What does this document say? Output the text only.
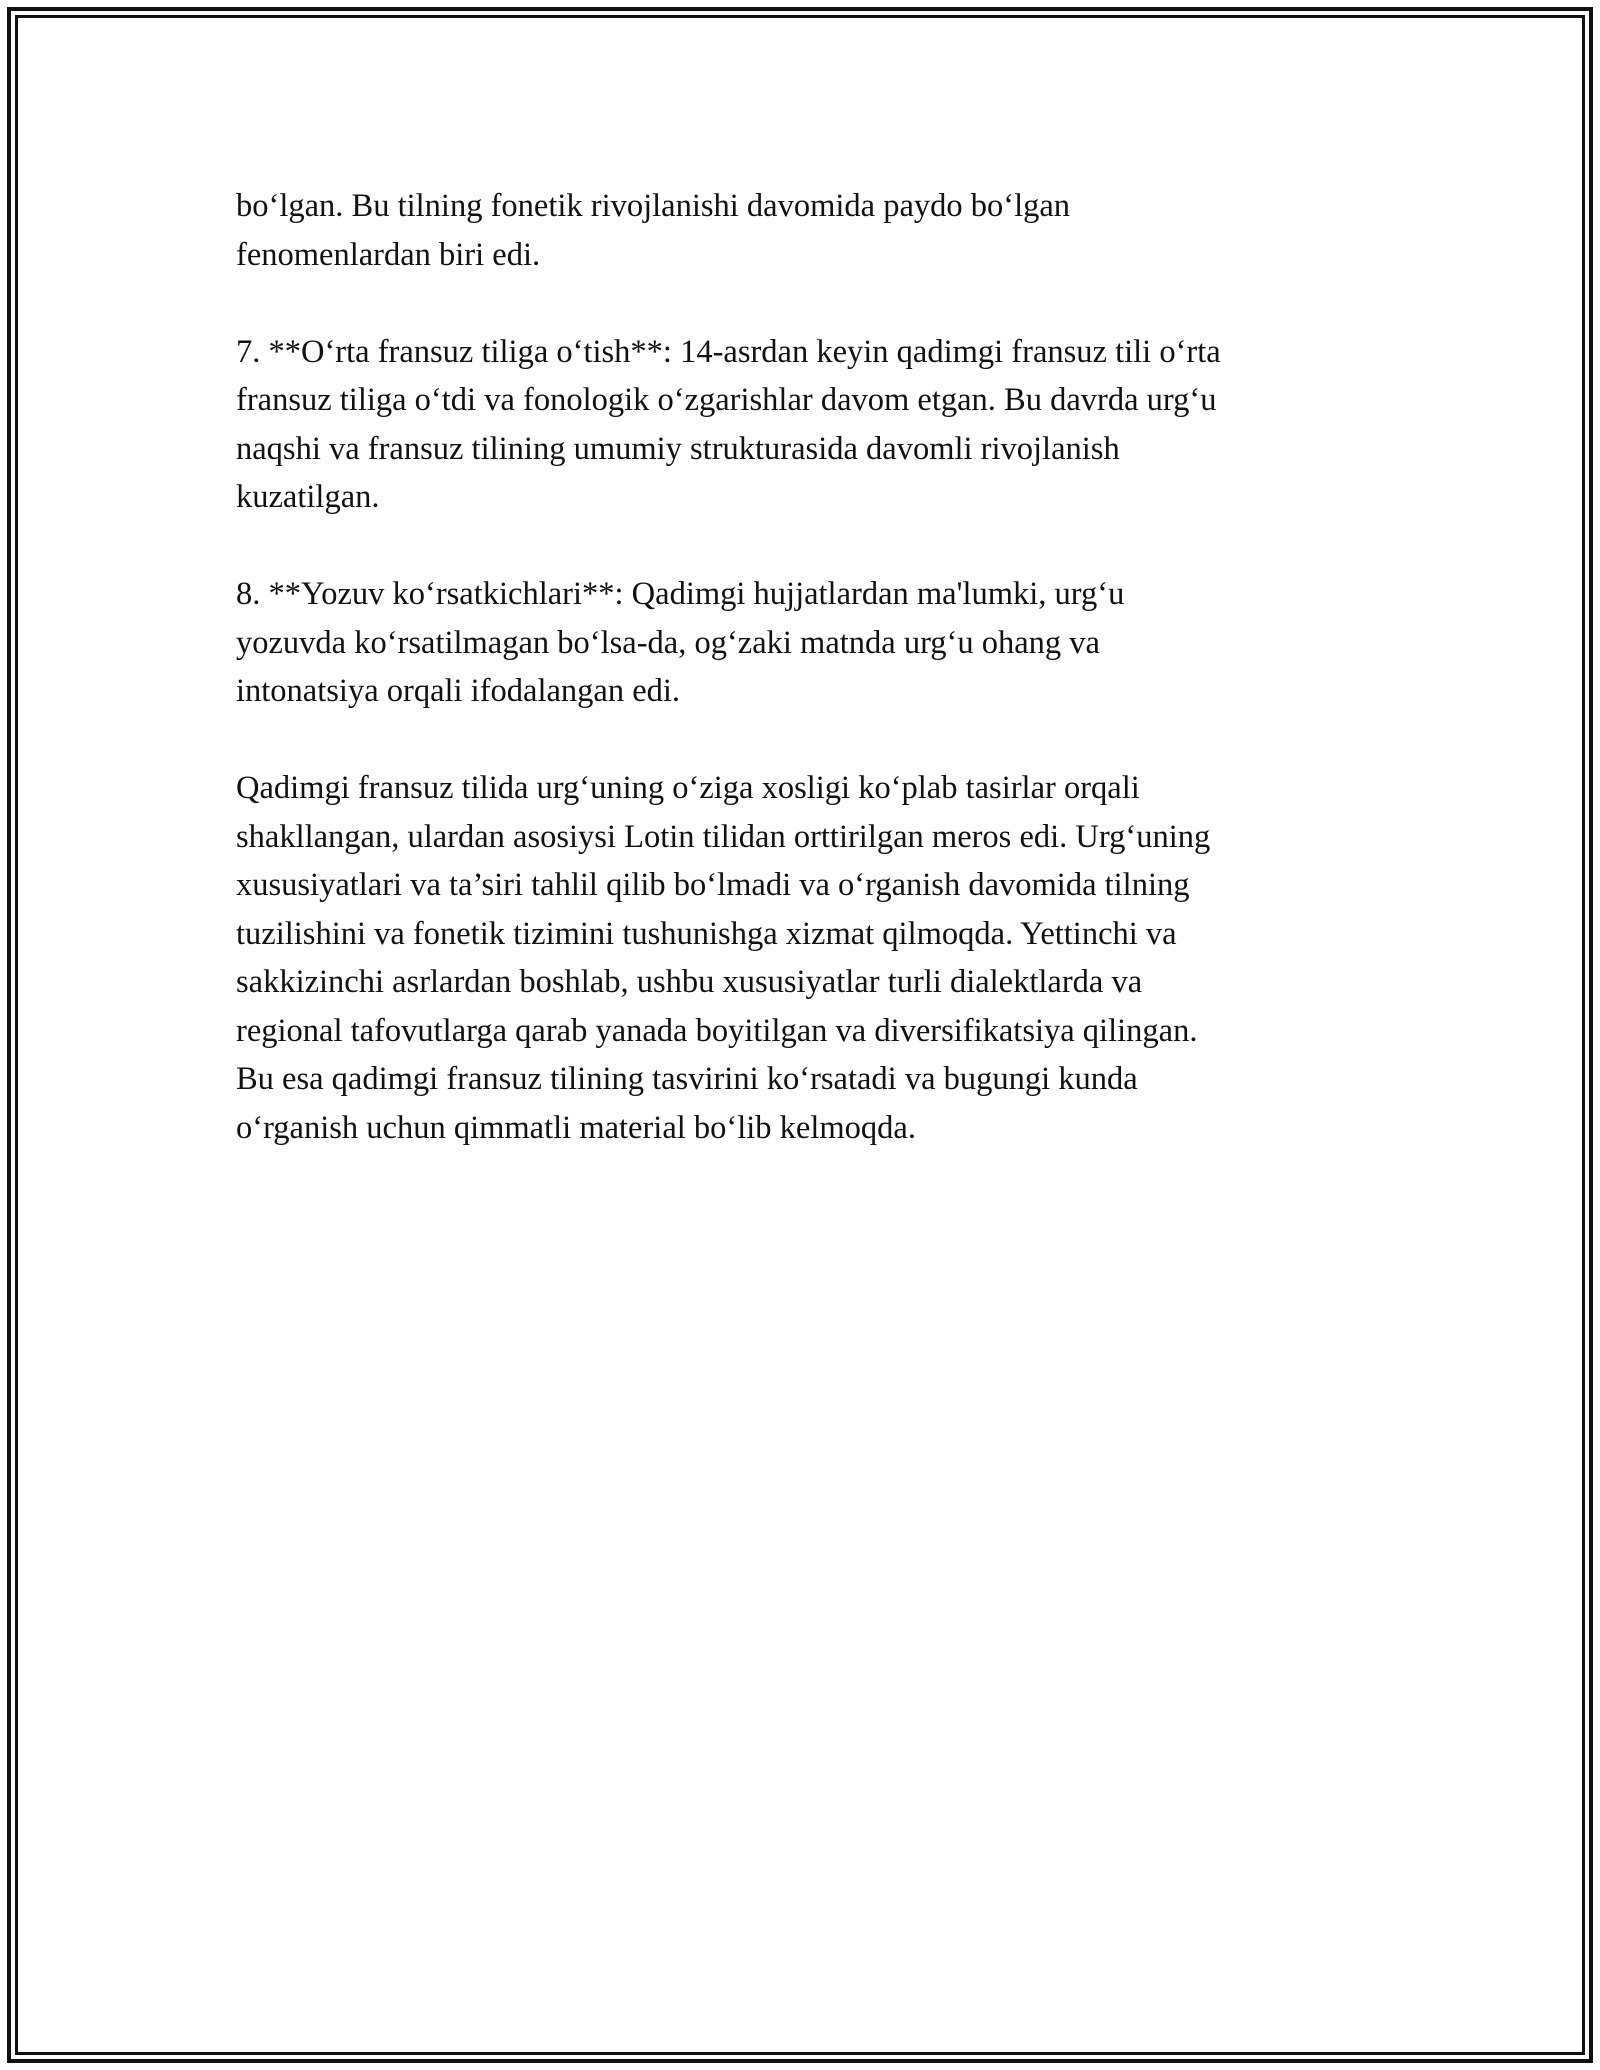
bo‘lgan. Bu tilning fonetik rivojlanishi davomida paydo bo‘lgan
fenomenlardan biri edi.

7. **O‘rta fransuz tiliga o‘tish**: 14-asrdan keyin qadimgi fransuz tili o‘rta
fransuz tiliga o‘tdi va fonologik o‘zgarishlar davom etgan. Bu davrda urg‘u
naqshi va fransuz tilining umumiy strukturasida davomli rivojlanish
kuzatilgan.

8. **Yozuv ko‘rsatkichlari**: Qadimgi hujjatlardan ma'lumki, urg‘u
yozuvda ko‘rsatilmagan bo‘lsa-da, og‘zaki matnda urg‘u ohang va
intonatsiya orqali ifodalangan edi.

Qadimgi fransuz tilida urg‘uning o‘ziga xosligi ko‘plab tasirlar orqali
shakllangan, ulardan asosiysi Lotin tilidan orttirilgan meros edi. Urg‘uning
xususiyatlari va ta’siri tahlil qilib bo‘lmadi va o‘rganish davomida tilning
tuzilishini va fonetik tizimini tushunishga xizmat qilmoqda. Yettinchi va
sakkizinchi asrlardan boshlab, ushbu xususiyatlar turli dialektlarda va
regional tafovutlarga qarab yanada boyitilgan va diversifikatsiya qilingan.
Bu esa qadimgi fransuz tilining tasvirini ko‘rsatadi va bugungi kunda
o‘rganish uchun qimmatli material bo‘lib kelmoqda.
